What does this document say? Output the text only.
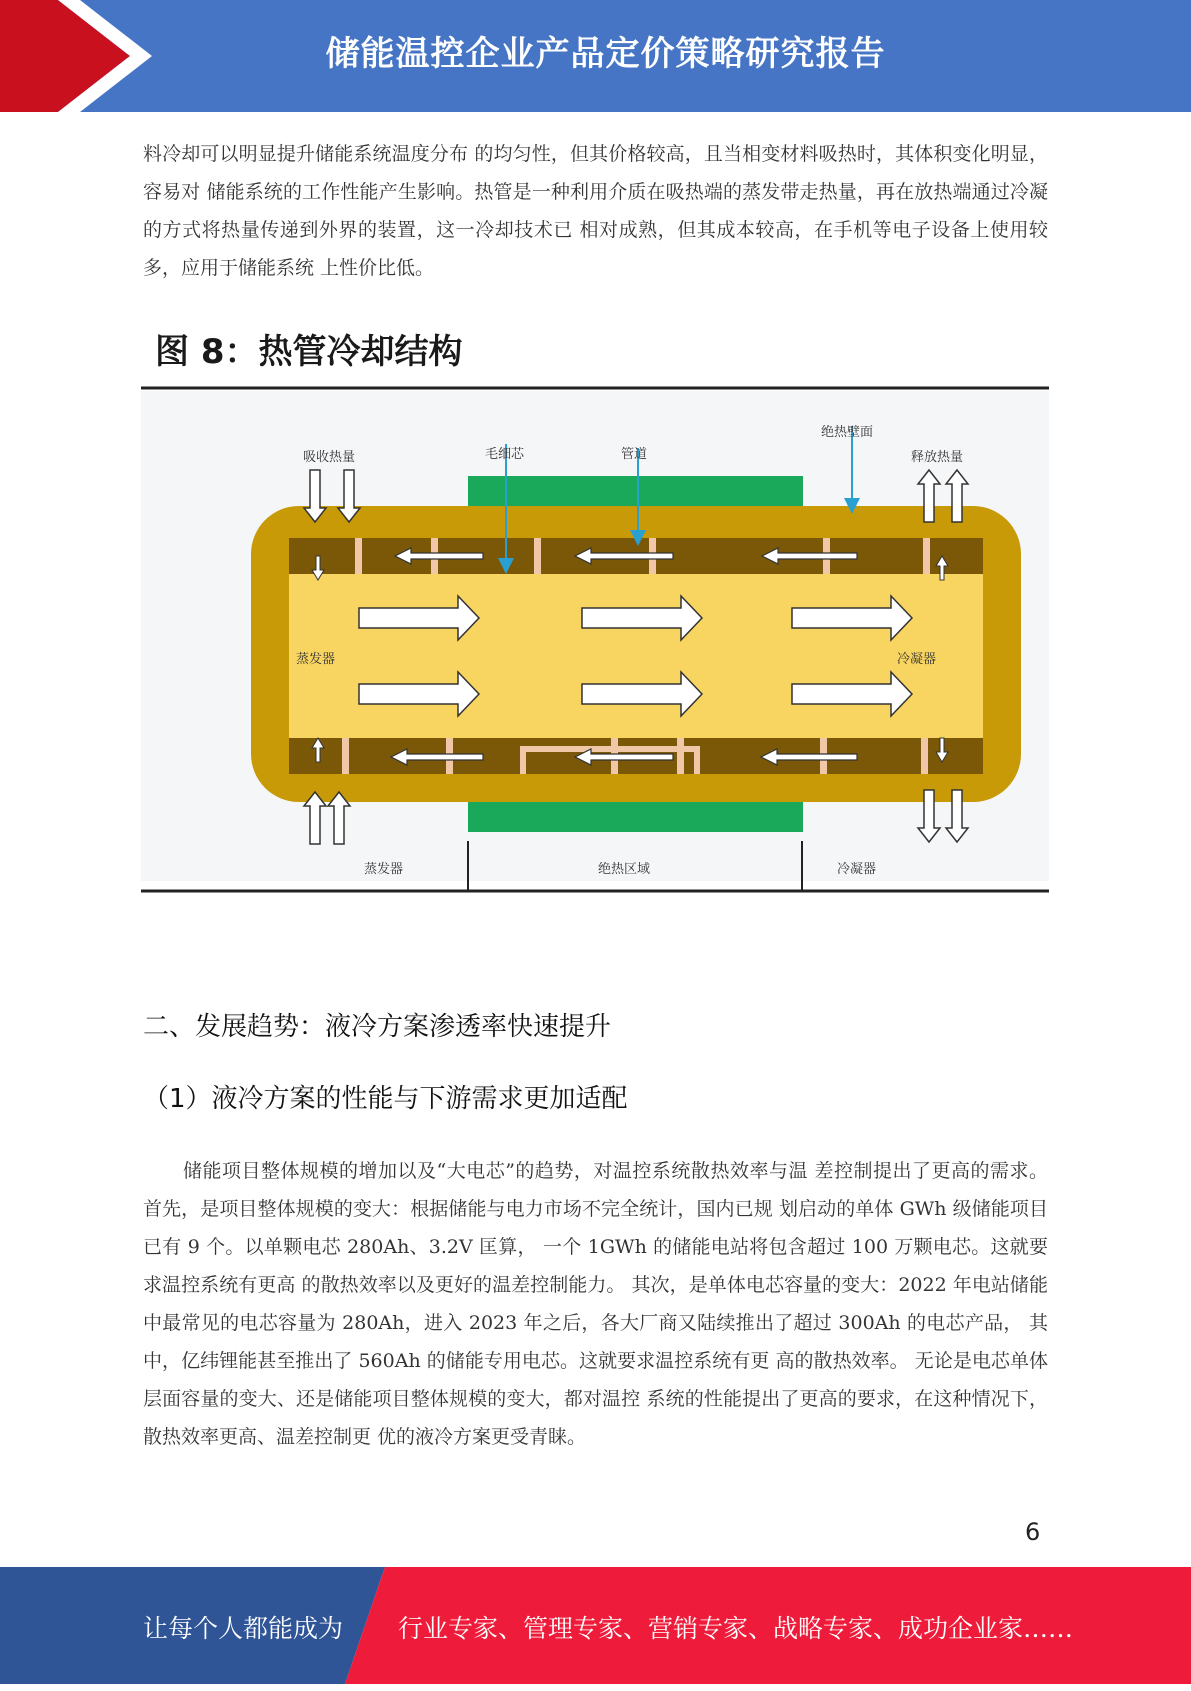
储能温控企业产品定价策略研究报告

料冷却可以明显提升储能系统温度分布 的均匀性，但其价格较高，且当相变材料吸热时，其体积变化明显，容易对 储能系统的工作性能产生影响。热管是一种利用介质在吸热端的蒸发带走热量，再在放热端通过冷凝的方式将热量传递到外界的装置，这一冷却技术已 相对成熟，但其成本较高，在手机等电子设备上使用较多，应用于储能系统 上性价比低。

图 8：热管冷却结构
吸收热量	毛细芯	管道
绝热壁面
释放热量
蒸发器	冷凝器
蒸发器	绝热区域	冷凝器
二、发展趋势：液冷方案渗透率快速提升
（1）液冷方案的性能与下游需求更加适配

储能项目整体规模的增加以及“大电芯”的趋势，对温控系统散热效率与温 差控制提出了更高的需求。 首先，是项目整体规模的变大：根据储能与电力市场不完全统计，国内已规 划启动的单体 GWh 级储能项目已有 9 个。以单颗电芯 280Ah、3.2V 匡算， 一个 1GWh 的储能电站将包含超过 100 万颗电芯。这就要求温控系统有更高 的散热效率以及更好的温差控制能力。 其次，是单体电芯容量的变大：2022 年电站储能中最常见的电芯容量为 280Ah，进入 2023 年之后，各大厂商又陆续推出了超过 300Ah 的电芯产品， 其中，亿纬锂能甚至推出了 560Ah 的储能专用电芯。这就要求温控系统有更 高的散热效率。 无论是电芯单体层面容量的变大、还是储能项目整体规模的变大，都对温控 系统的性能提出了更高的要求，在这种情况下，散热效率更高、温差控制更 优的液冷方案更受青睐。

6
让每个人都能成为 行业专家、管理专家、营销专家、战略专家、成功企业家……
